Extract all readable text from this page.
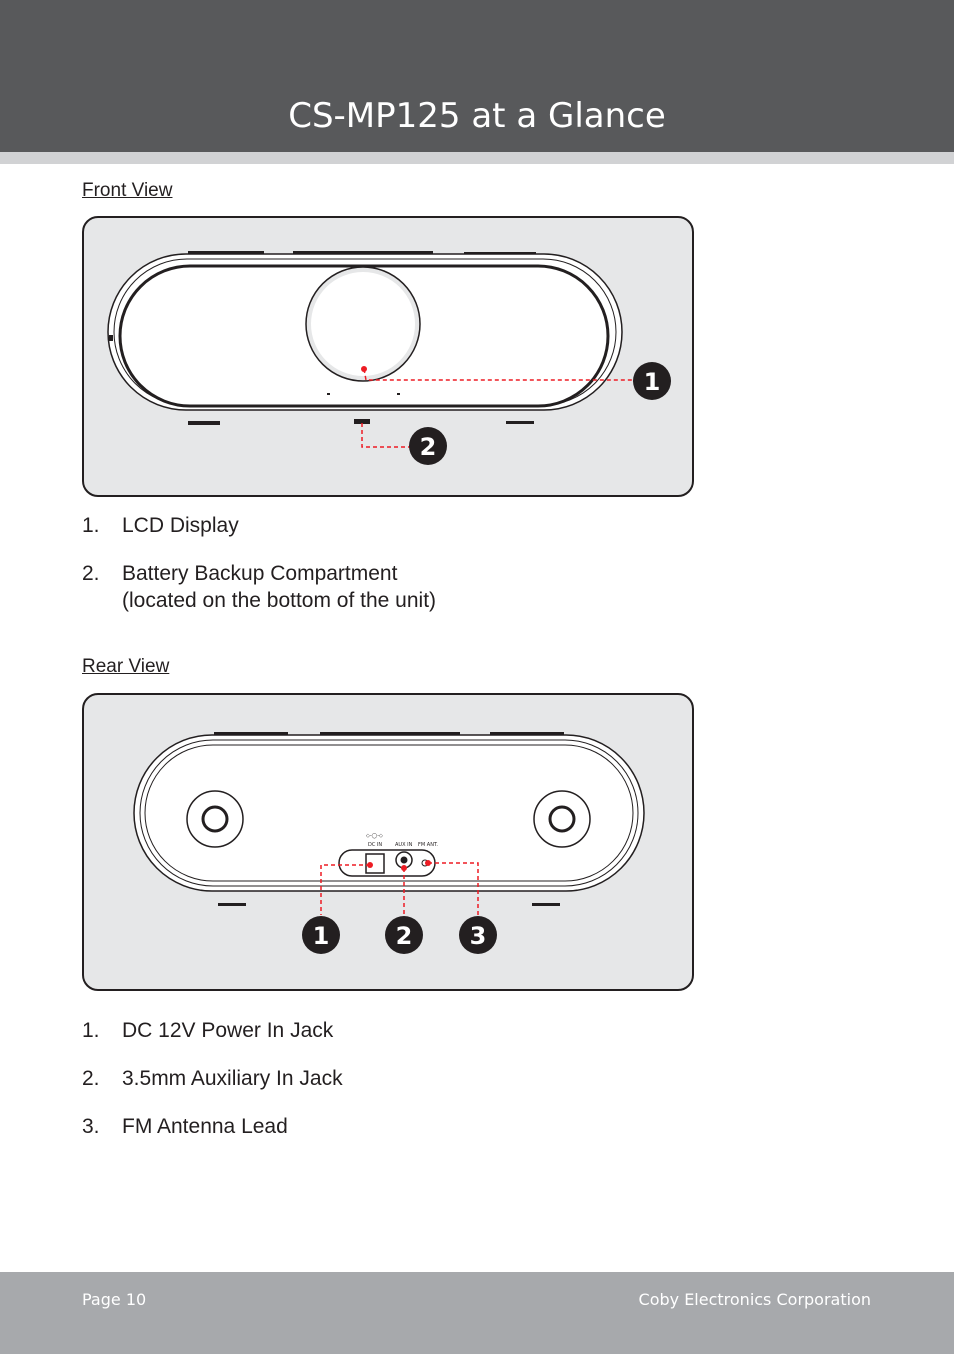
CS-MP125 at a Glance
Front View
1
2
1.	LCD Display
2.	Battery Backup Compartment
(located on the bottom of the unit)
Rear View
◇-◯-◇
DC IN	AUX IN FM ANT.
1	2 3
1.	DC 12V Power In Jack
2.	3.5mm Auxiliary In Jack
3.	FM Antenna Lead
Page 10	Coby Electronics Corporation
